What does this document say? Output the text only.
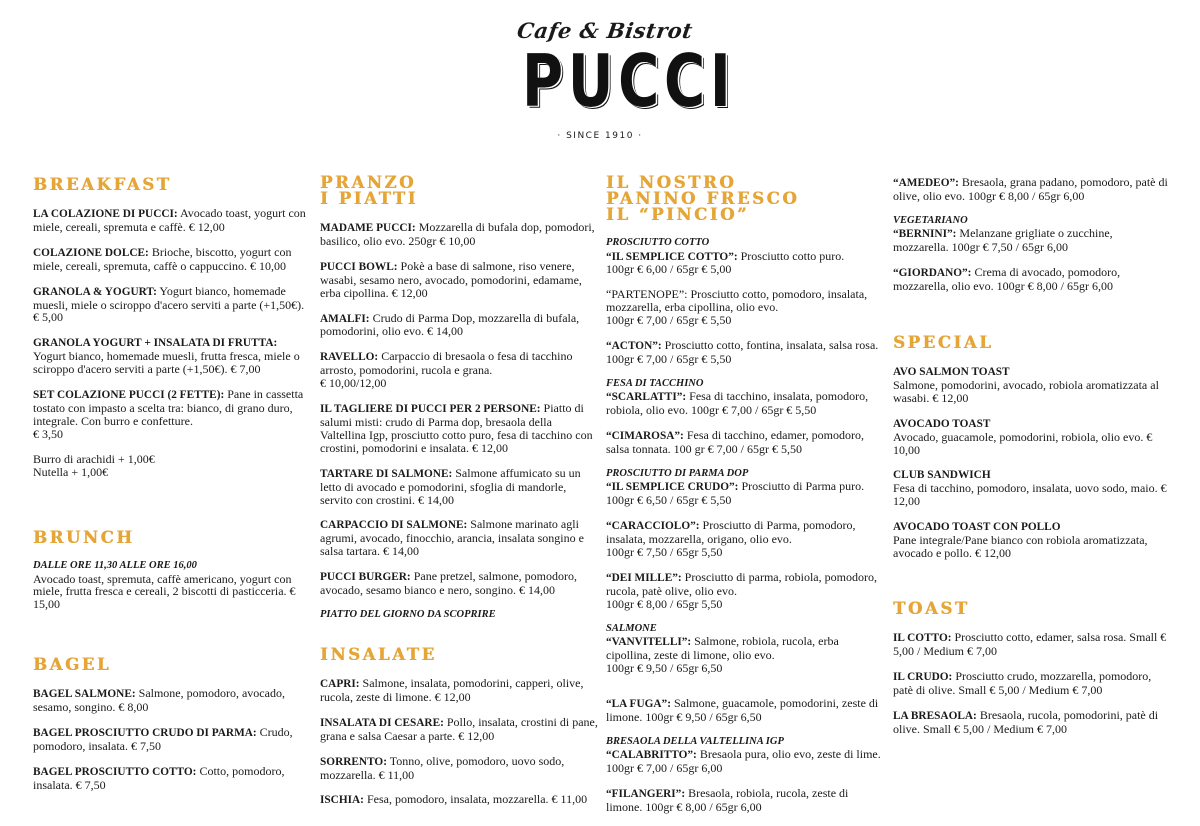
Cafe & Bistrot
PUCCI
· SINCE 1910 ·
BREAKFAST
LA COLAZIONE DI PUCCI: Avocado toast, yogurt con miele, cereali, spremuta e caffè. € 12,00
COLAZIONE DOLCE: Brioche, biscotto, yogurt con miele, cereali, spremuta, caffè o cappuccino. € 10,00
GRANOLA & YOGURT: Yogurt bianco, homemade muesli, miele o sciroppo d'acero serviti a parte (+1,50€). € 5,00
GRANOLA YOGURT + INSALATA DI FRUTTA: Yogurt bianco, homemade muesli, frutta fresca, miele o sciroppo d'acero serviti a parte (+1,50€). € 7,00
SET COLAZIONE PUCCI (2 FETTE): Pane in cassetta tostato con impasto a scelta tra: bianco, di grano duro, integrale. Con burro e confetture.
€ 3,50
Burro di arachidi + 1,00€
Nutella + 1,00€
BRUNCH
DALLE ORE 11,30 ALLE ORE 16,00
Avocado toast, spremuta, caffè americano, yogurt con miele, frutta fresca e cereali, 2 biscotti di pasticceria. € 15,00
BAGEL
BAGEL SALMONE: Salmone, pomodoro, avocado, sesamo, songino. € 8,00
BAGEL PROSCIUTTO CRUDO DI PARMA: Crudo, pomodoro, insalata. € 7,50
BAGEL PROSCIUTTO COTTO: Cotto, pomodoro, insalata. € 7,50
PRANZO
I PIATTI
MADAME PUCCI: Mozzarella di bufala dop, pomodori, basilico, olio evo. 250gr € 10,00
PUCCI BOWL: Pokè a base di salmone, riso venere, wasabi, sesamo nero, avocado, pomodorini, edamame, erba cipollina. € 12,00
AMALFI: Crudo di Parma Dop, mozzarella di bufala, pomodorini, olio evo. € 14,00
RAVELLO: Carpaccio di bresaola o fesa di tacchino arrosto, pomodorini, rucola e grana.
€ 10,00/12,00
IL TAGLIERE DI PUCCI PER 2 PERSONE: Piatto di salumi misti: crudo di Parma dop, bresaola della Valtellina Igp, prosciutto cotto puro, fesa di tacchino con crostini, pomodorini e insalata. € 12,00
TARTARE DI SALMONE: Salmone affumicato su un letto di avocado e pomodorini, sfoglia di mandorle, servito con crostini. € 14,00
CARPACCIO DI SALMONE: Salmone marinato agli agrumi, avocado, finocchio, arancia, insalata songino e salsa tartara. € 14,00
PUCCI BURGER: Pane pretzel, salmone, pomodoro, avocado, sesamo bianco e nero, songino. € 14,00
PIATTO DEL GIORNO DA SCOPRIRE
INSALATE
CAPRI: Salmone, insalata, pomodorini, capperi, olive, rucola, zeste di limone. € 12,00
INSALATA DI CESARE: Pollo, insalata, crostini di pane, grana e salsa Caesar a parte. € 12,00
SORRENTO: Tonno, olive, pomodoro, uovo sodo, mozzarella. € 11,00
ISCHIA: Fesa, pomodoro, insalata, mozzarella. € 11,00
IL NOSTRO
PANINO FRESCO
IL “PINCIO”
PROSCIUTTO COTTO
“IL SEMPLICE COTTO”: Prosciutto cotto puro.
100gr € 6,00 / 65gr € 5,00
“PARTENOPE”: Prosciutto cotto, pomodoro, insalata, mozzarella, erba cipollina, olio evo.
100gr € 7,00 / 65gr € 5,50
“ACTON”: Prosciutto cotto, fontina, insalata, salsa rosa. 100gr € 7,00 / 65gr € 5,50
FESA DI TACCHINO
“SCARLATTI”: Fesa di tacchino, insalata, pomodoro, robiola, olio evo. 100gr € 7,00 / 65gr € 5,50
“CIMAROSA”: Fesa di tacchino, edamer, pomodoro, salsa tonnata. 100 gr € 7,00 / 65gr € 5,50
PROSCIUTTO DI PARMA DOP
“IL SEMPLICE CRUDO”: Prosciutto di Parma puro. 100gr € 6,50 / 65gr € 5,50
“CARACCIOLO”: Prosciutto di Parma, pomodoro, insalata, mozzarella, origano, olio evo.
100gr € 7,50 / 65gr 5,50
“DEI MILLE”: Prosciutto di parma, robiola, pomodoro, rucola, patè olive, olio evo.
100gr € 8,00 / 65gr 5,50
SALMONE
“VANVITELLI”: Salmone, robiola, rucola, erba cipollina, zeste di limone, olio evo.
100gr € 9,50 / 65gr 6,50
“LA FUGA”: Salmone, guacamole, pomodorini, zeste di limone. 100gr € 9,50 / 65gr 6,50
BRESAOLA DELLA VALTELLINA IGP
“CALABRITTO”: Bresaola pura, olio evo, zeste di lime. 100gr € 7,00 / 65gr 6,00
“FILANGERI”: Bresaola, robiola, rucola, zeste di limone. 100gr € 8,00 / 65gr 6,00
“AMEDEO”: Bresaola, grana padano, pomodoro, patè di olive, olio evo. 100gr € 8,00 / 65gr 6,00
VEGETARIANO
“BERNINI”: Melanzane grigliate o zucchine, mozzarella. 100gr € 7,50 / 65gr 6,00
“GIORDANO”: Crema di avocado, pomodoro, mozzarella, olio evo. 100gr € 8,00 / 65gr 6,00
SPECIAL
AVO SALMON TOAST
Salmone, pomodorini, avocado, robiola aromatizzata al wasabi. € 12,00
AVOCADO TOAST
Avocado, guacamole, pomodorini, robiola, olio evo. € 10,00
CLUB SANDWICH
Fesa di tacchino, pomodoro, insalata, uovo sodo, maio. € 12,00
AVOCADO TOAST CON POLLO
Pane integrale/Pane bianco con robiola aromatizzata, avocado e pollo. € 12,00
TOAST
IL COTTO: Prosciutto cotto, edamer, salsa rosa. Small € 5,00 / Medium € 7,00
IL CRUDO: Prosciutto crudo, mozzarella, pomodoro, patè di olive. Small € 5,00 / Medium € 7,00
LA BRESAOLA: Bresaola, rucola, pomodorini, patè di olive. Small € 5,00 / Medium € 7,00
